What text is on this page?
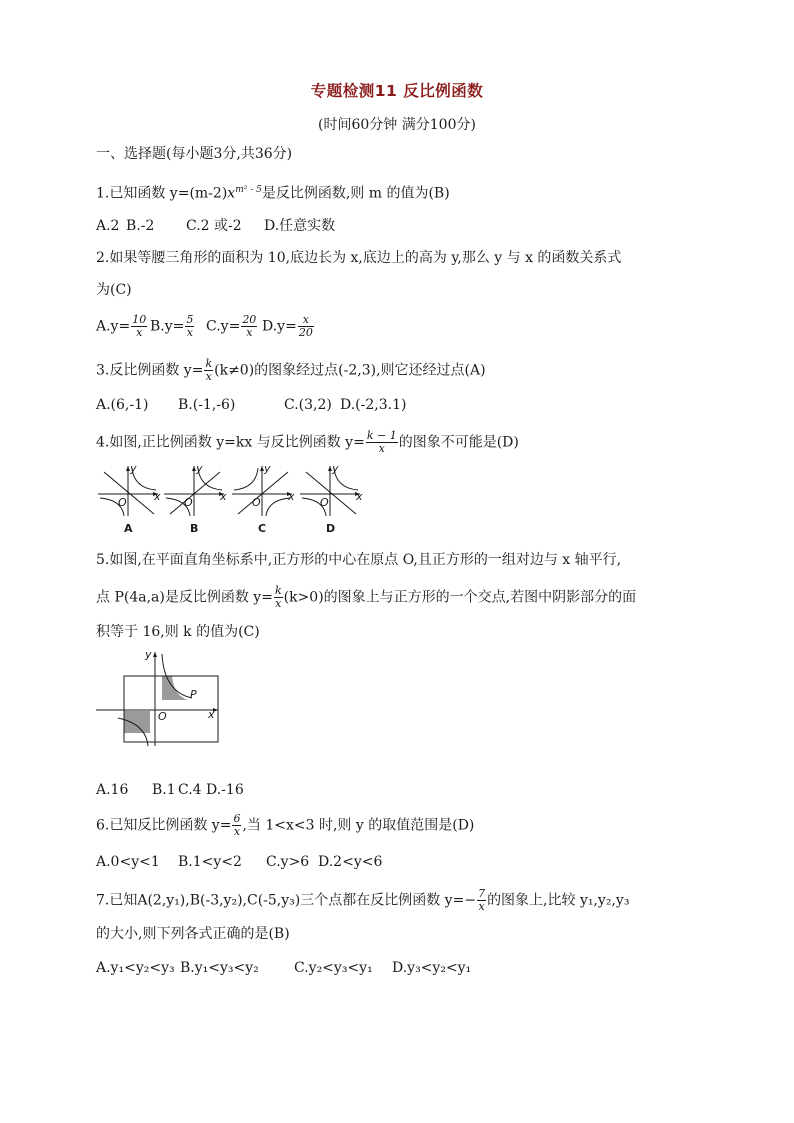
专题检测11 反比例函数
(时间60分钟 满分100分)
一、选择题(每小题3分,共36分)
1.已知函数 $y=(m-2)x^{m^2 - 5}$是反比例函数,则 m 的值为(B)
A.2 B.-2 C.2 或-2 D.任意实数
2.如果等腰三角形的面积为 10,底边长为 x,底边上的高为 y,那么 y 与 x 的函数关系式
为(C)
$A.y= \frac{10}{x} B.y= \frac{5}{x} C.y= \frac{20}{x} D.y= \frac{x}{20}$
3.反比例函数 $y= \frac{k}{x} (k\ne 0)$的图象经过点(-2,3),则它还经过点(A)
A.(6,-1) B.(-1,-6)	C.(3,2) D.(-2,3.1)
4.如图,正比例函数 y=kx 与反比例函数 $y= \frac{k - 1}{x}$ 的图象不可能是(D)
y
x
O
A
y
x
O
B
y
x
O
C
y
x
O
D
5.如图,在平面直角坐标系中,正方形的中心在原点 O,且正方形的一组对边与 x 轴平行,
点 P(4a,a)是反比例函数 $y= \frac{k}{x} (k>0)$的图象上与正方形的一个交点,若图中阴影部分的面
积等于 16,则 k 的值为(C)
y
x
O
P
A.16 B.1 C.4 D.-16
6.已知反比例函数 $y= \frac{6}{x}$ ,当 1<x<3 时,则 y 的取值范围是(D)
A.0<y<1 B.1<y<2 C.y>6 D.2<y<6
7.已知A(2,y₁),B(-3,y₂),C(-5,y₃)三个点都在反比例函数 $y=- \frac{7}{x}$ 的图象上,比较 y₁,y₂,y₃
的大小,则下列各式正确的是(B)
A.y₁<y₂<y₃ B.y₁<y₃<y₂	C.y₂<y₃<y₁ D.y₃<y₂<y₁
